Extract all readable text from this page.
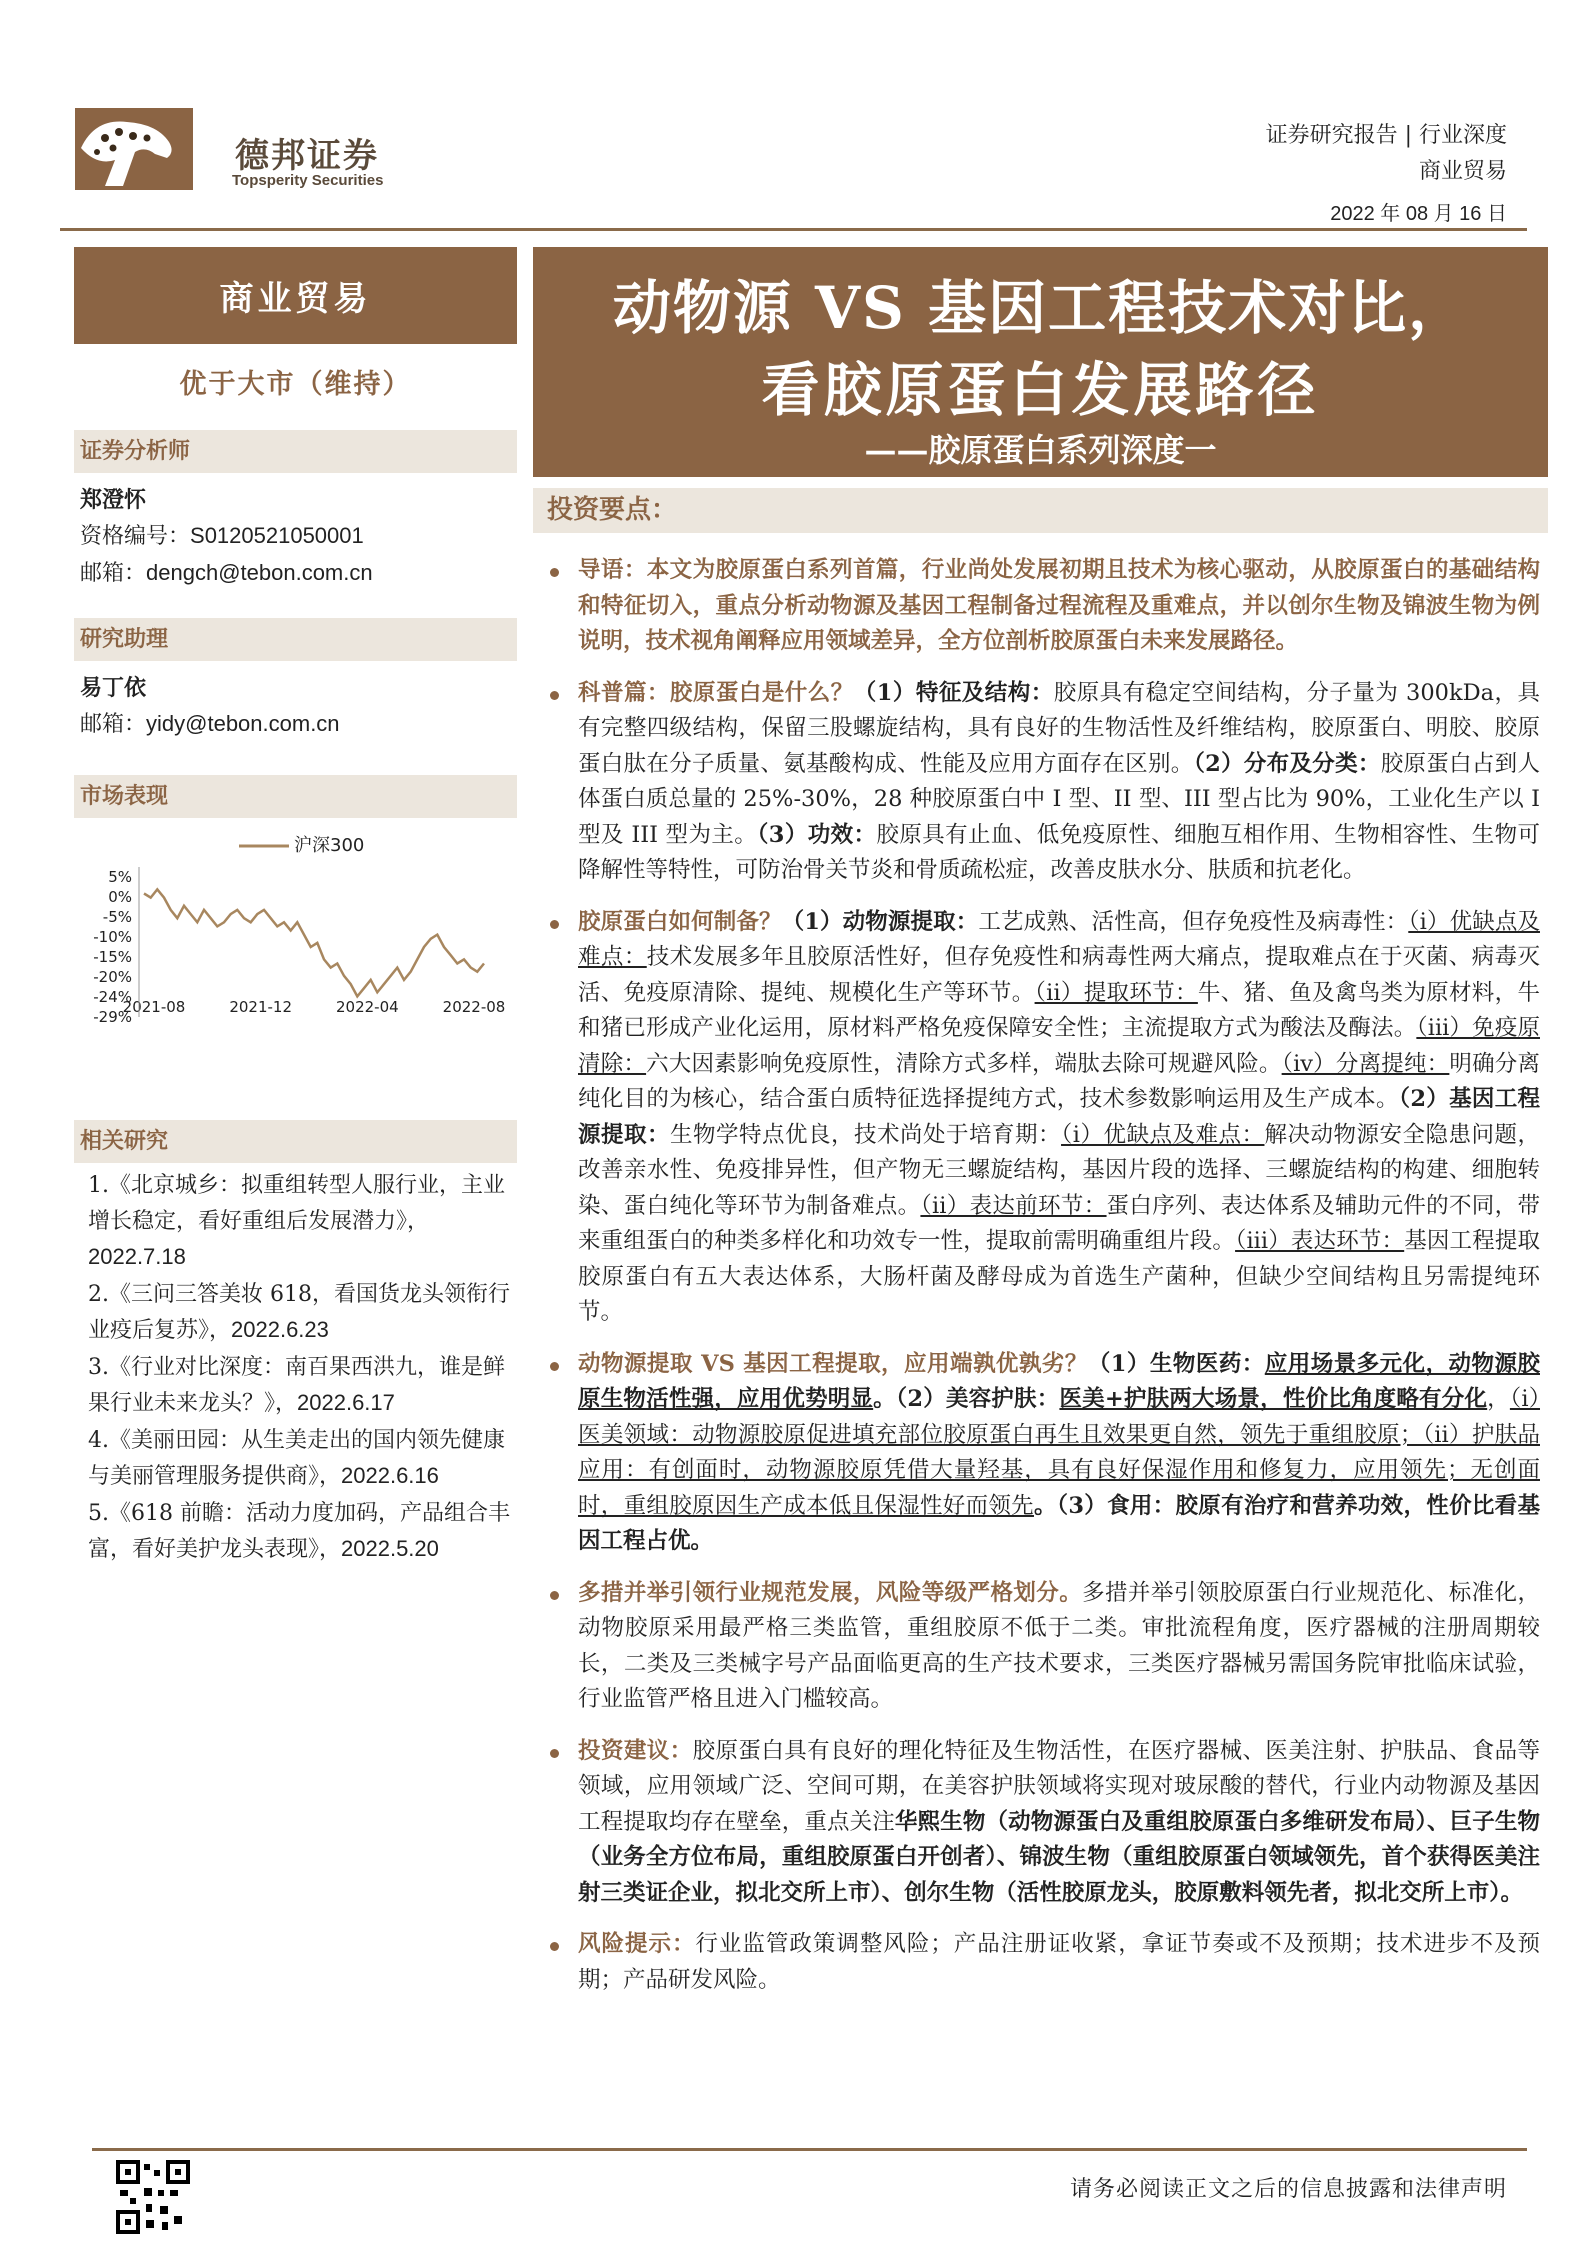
德邦证券
Topsperity Securities
证券研究报告 | 行业深度
商业贸易
2022 年 08 月 16 日
商业贸易
优于大市（维持）
证券分析师
郑澄怀
资格编号：S0120521050001
邮箱：dengch@tebon.com.cn
研究助理
易丁依
邮箱：yidy@tebon.com.cn
市场表现
沪深300
5%
0%
-5%
-10%
-15%
-20%
-24%
-29%
2021-08	2021-12	2022-04	2022-08
相关研究
1.《北京城乡：拟重组转型人服行业，主业增长稳定，看好重组后发展潜力》，2022.7.18
2.《三问三答美妆 618，看国货龙头领衔行业疫后复苏》，2022.6.23
3.《行业对比深度：南百果西洪九，谁是鲜果行业未来龙头？》，2022.6.17
4.《美丽田园：从生美走出的国内领先健康与美丽管理服务提供商》，2022.6.16
5.《618 前瞻：活动力度加码，产品组合丰富，看好美护龙头表现》，2022.5.20
动物源 VS 基因工程技术对比，
看胶原蛋白发展路径
——胶原蛋白系列深度一
投资要点：
导语：本文为胶原蛋白系列首篇，行业尚处发展初期且技术为核心驱动，从胶原蛋白的基础结构和特征切入，重点分析动物源及基因工程制备过程流程及重难点，并以创尔生物及锦波生物为例说明，技术视角阐释应用领域差异，全方位剖析胶原蛋白未来发展路径。
科普篇：胶原蛋白是什么？（1）特征及结构：胶原具有稳定空间结构，分子量为 300kDa，具有完整四级结构，保留三股螺旋结构，具有良好的生物活性及纤维结构，胶原蛋白、明胶、胶原蛋白肽在分子质量、氨基酸构成、性能及应用方面存在区别。（2）分布及分类：胶原蛋白占到人体蛋白质总量的 25%-30%，28 种胶原蛋白中 I 型、II 型、III 型占比为 90%，工业化生产以 I 型及 III 型为主。（3）功效：胶原具有止血、低免疫原性、细胞互相作用、生物相容性、生物可降解性等特性，可防治骨关节炎和骨质疏松症，改善皮肤水分、肤质和抗老化。
胶原蛋白如何制备？（1）动物源提取：工艺成熟、活性高，但存免疫性及病毒性：（i）优缺点及难点：技术发展多年且胶原活性好，但存免疫性和病毒性两大痛点，提取难点在于灭菌、病毒灭活、免疫原清除、提纯、规模化生产等环节。（ii）提取环节：牛、猪、鱼及禽鸟类为原材料，牛和猪已形成产业化运用，原材料严格免疫保障安全性；主流提取方式为酸法及酶法。（iii）免疫原清除：六大因素影响免疫原性，清除方式多样，端肽去除可规避风险。（iv）分离提纯：明确分离纯化目的为核心，结合蛋白质特征选择提纯方式，技术参数影响运用及生产成本。（2）基因工程源提取：生物学特点优良，技术尚处于培育期：（i）优缺点及难点：解决动物源安全隐患问题，改善亲水性、免疫排异性，但产物无三螺旋结构，基因片段的选择、三螺旋结构的构建、细胞转染、蛋白纯化等环节为制备难点。（ii）表达前环节：蛋白序列、表达体系及辅助元件的不同，带来重组蛋白的种类多样化和功效专一性，提取前需明确重组片段。（iii）表达环节：基因工程提取胶原蛋白有五大表达体系，大肠杆菌及酵母成为首选生产菌种，但缺少空间结构且另需提纯环节。
动物源提取 VS 基因工程提取，应用端孰优孰劣？（1）生物医药：应用场景多元化，动物源胶原生物活性强，应用优势明显。（2）美容护肤：医美+护肤两大场景，性价比角度略有分化，（i）医美领域：动物源胶原促进填充部位胶原蛋白再生且效果更自然，领先于重组胶原；（ii）护肤品应用：有创面时，动物源胶原凭借大量羟基，具有良好保湿作用和修复力，应用领先；无创面时，重组胶原因生产成本低且保湿性好而领先。（3）食用：胶原有治疗和营养功效，性价比看基因工程占优。
多措并举引领行业规范发展，风险等级严格划分。多措并举引领胶原蛋白行业规范化、标准化，动物胶原采用最严格三类监管，重组胶原不低于二类。审批流程角度，医疗器械的注册周期较长，二类及三类械字号产品面临更高的生产技术要求，三类医疗器械另需国务院审批临床试验，行业监管严格且进入门槛较高。
投资建议：胶原蛋白具有良好的理化特征及生物活性，在医疗器械、医美注射、护肤品、食品等领域，应用领域广泛、空间可期，在美容护肤领域将实现对玻尿酸的替代，行业内动物源及基因工程提取均存在壁垒，重点关注华熙生物（动物源蛋白及重组胶原蛋白多维研发布局）、巨子生物（业务全方位布局，重组胶原蛋白开创者）、锦波生物（重组胶原蛋白领域领先，首个获得医美注射三类证企业，拟北交所上市）、创尔生物（活性胶原龙头，胶原敷料领先者，拟北交所上市）。
风险提示：行业监管政策调整风险；产品注册证收紧，拿证节奏或不及预期；技术进步不及预期；产品研发风险。
请务必阅读正文之后的信息披露和法律声明
